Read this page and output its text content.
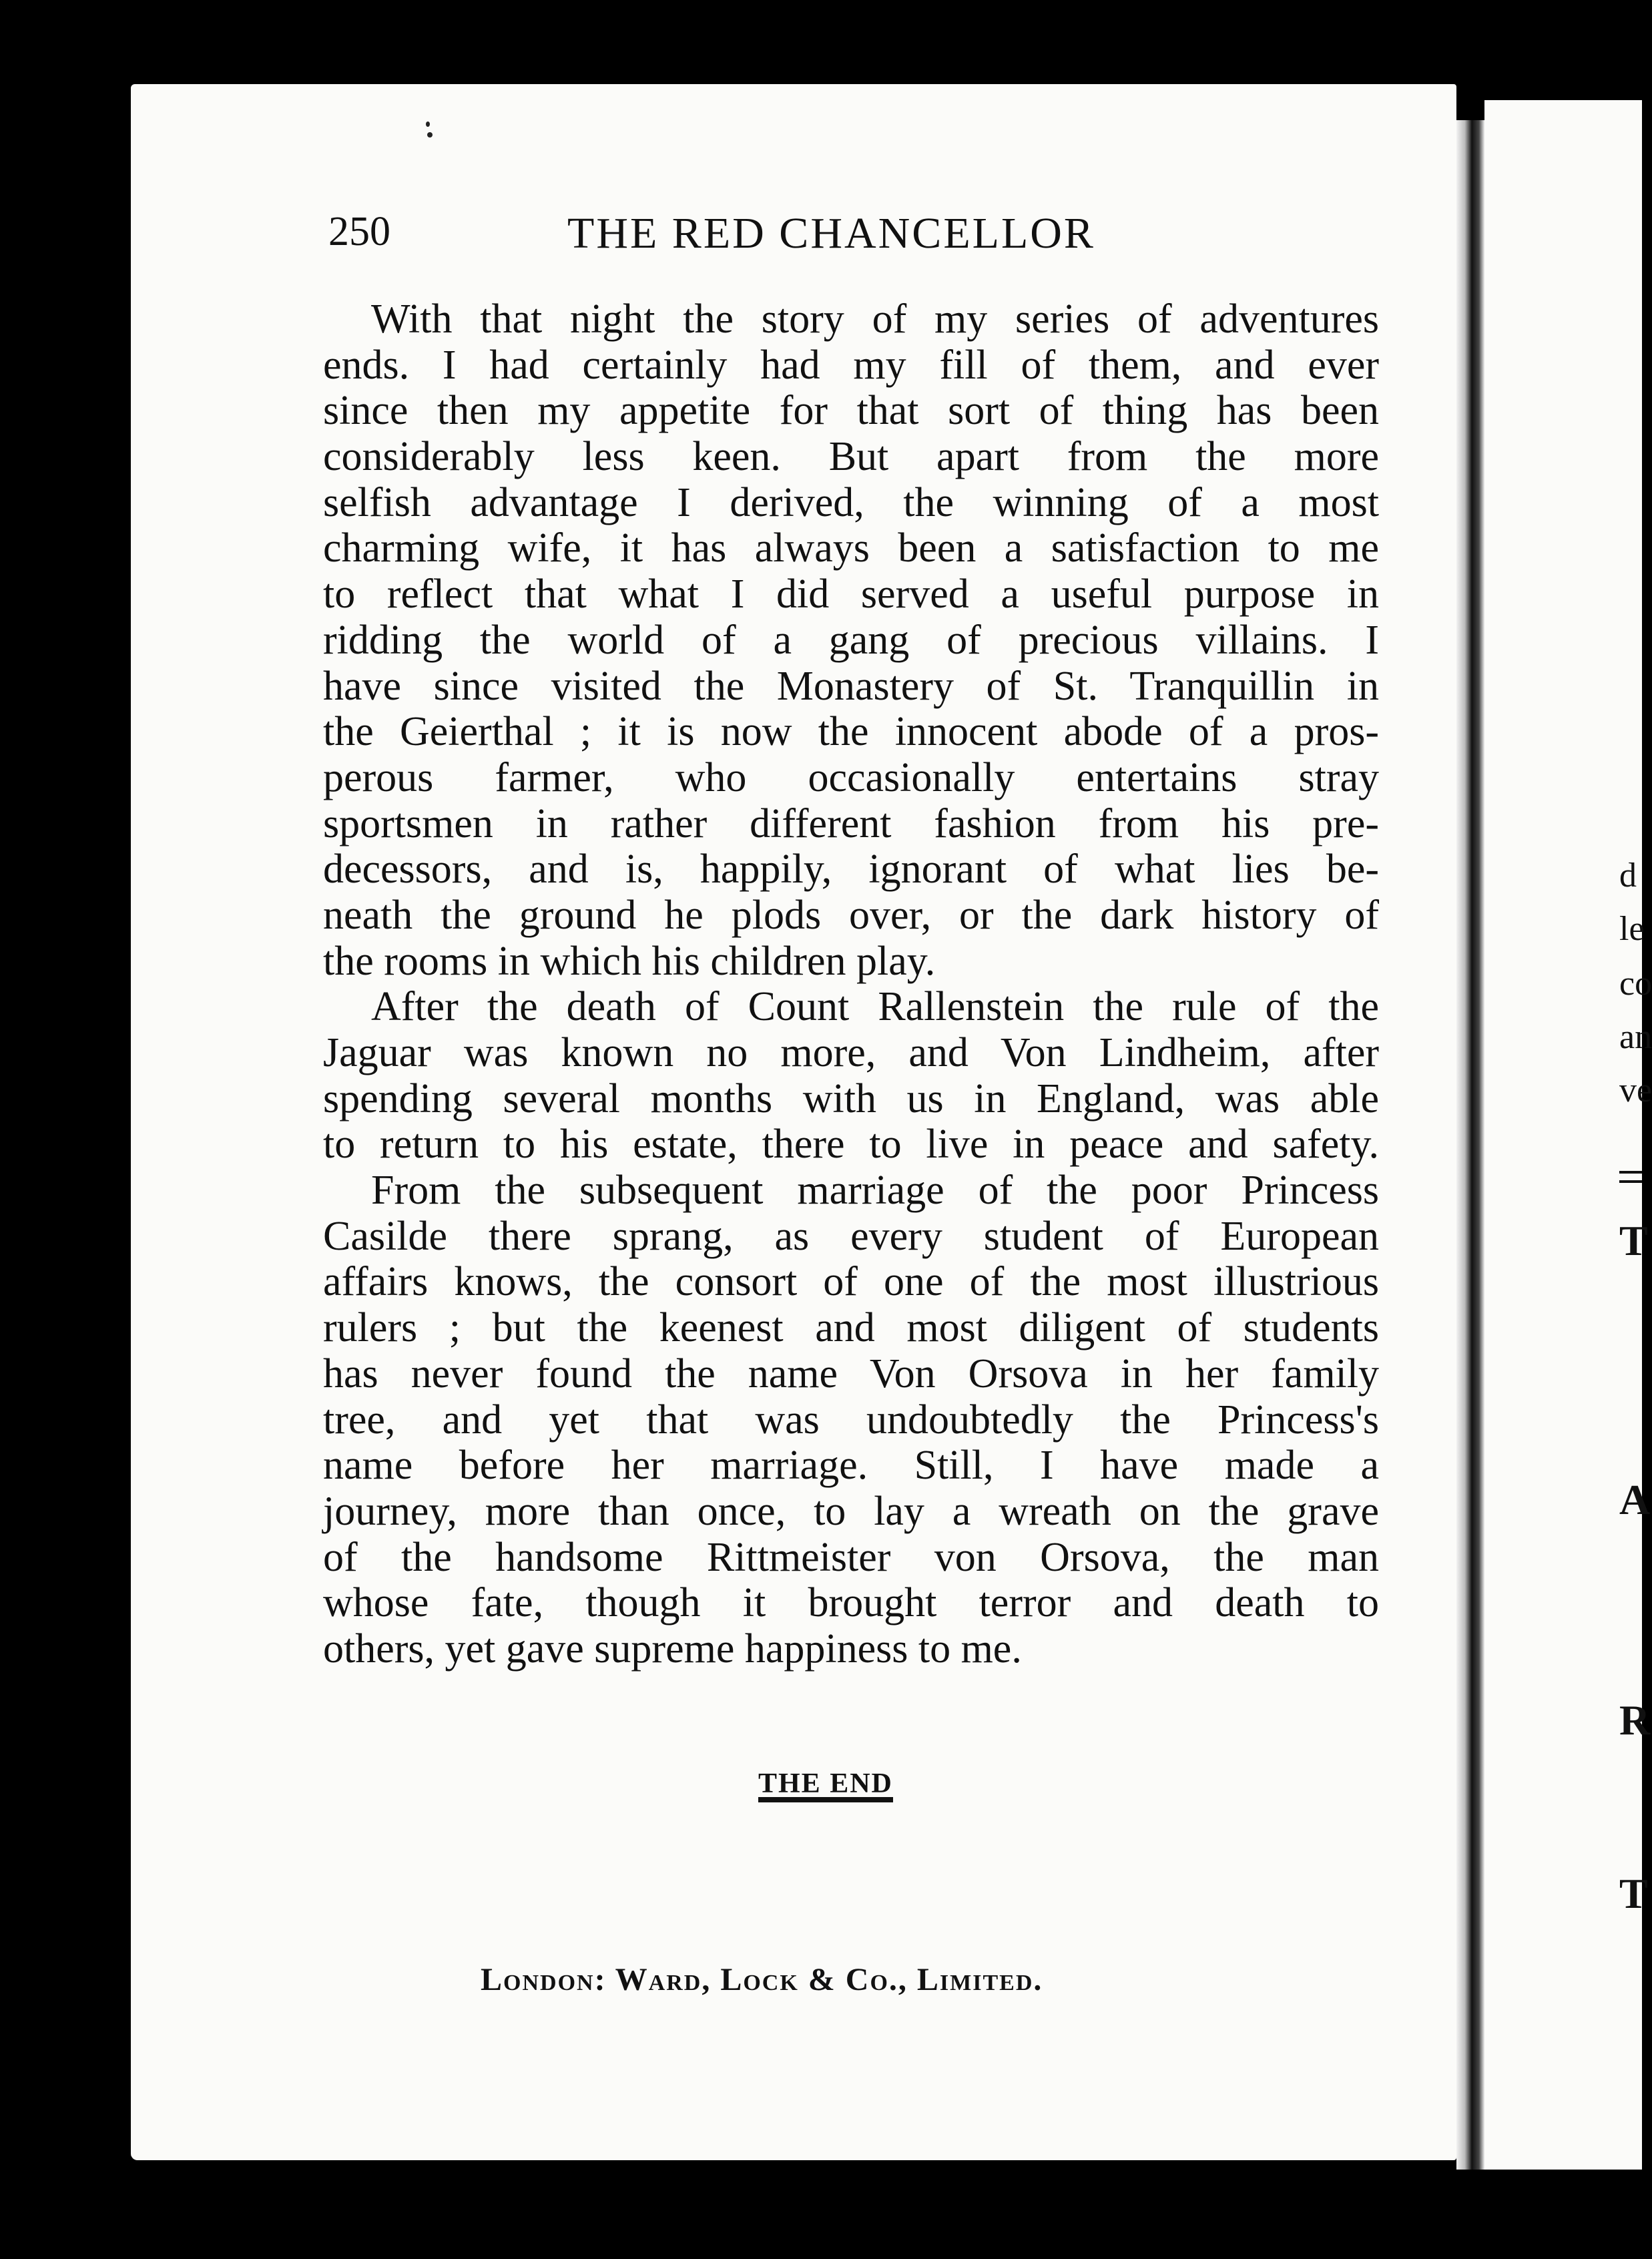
250	THE RED CHANCELLOR
With that night the story of my series of adventures
ends. I had certainly had my fill of them, and ever
since then my appetite for that sort of thing has been
considerably less keen. But apart from the more
selfish advantage I derived, the winning of a most
charming wife, it has always been a satisfaction to me
to reflect that what I did served a useful purpose in
ridding the world of a gang of precious villains. I
have since visited the Monastery of St. Tranquillin in
the Geierthal ; it is now the innocent abode of a pros-
perous farmer, who occasionally entertains stray
sportsmen in rather different fashion from his pre-
decessors, and is, happily, ignorant of what lies be-
neath the ground he plods over, or the dark history of
the rooms in which his children play.
After the death of Count Rallenstein the rule of the
Jaguar was known no more, and Von Lindheim, after
spending several months with us in England, was able
to return to his estate, there to live in peace and safety.
From the subsequent marriage of the poor Princess
Casilde there sprang, as every student of European
affairs knows, the consort of one of the most illustrious
rulers ; but the keenest and most diligent of students
has never found the name Von Orsova in her family
tree, and yet that was undoubtedly the Princess's
name before her marriage. Still, I have made a
journey, more than once, to lay a wreath on the grave
of the handsome Rittmeister von Orsova, the man
whose fate, though it brought terror and death to
others, yet gave supreme happiness to me.
THE END
London: Ward, Lock & Co., Limited.
d
le
co
an
ve
T
A
R
T
